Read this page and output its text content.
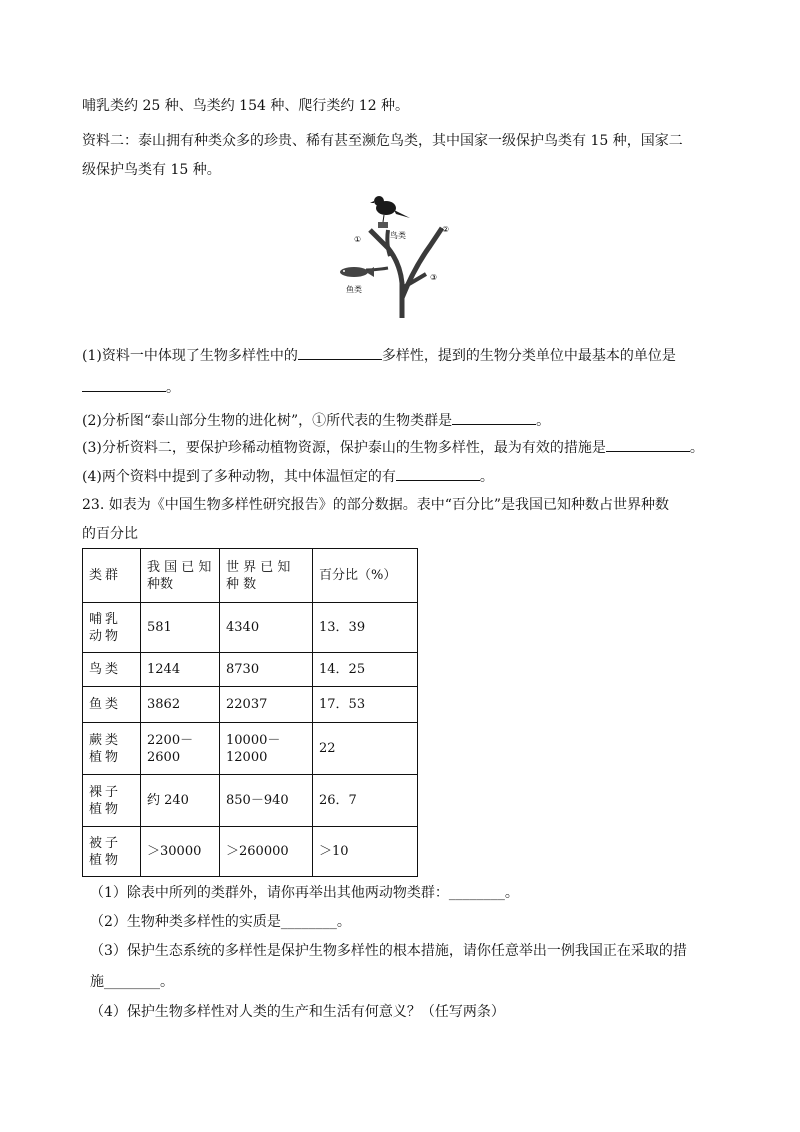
哺乳类约 25 种、鸟类约 154 种、爬行类约 12 种。
资料二：泰山拥有种类众多的珍贵、稀有甚至濒危鸟类，其中国家一级保护鸟类有 15 种，国家二
级保护鸟类有 15 种。
鸟类
鱼类
①
②
③
(1)资料一中体现了生物多样性中的	多样性，提到的生物分类单位中最基本的单位是
。
(2)分析图“泰山部分生物的进化树”，①所代表的生物类群是	。
(3)分析资料二，要保护珍稀动植物资源，保护泰山的生物多样性，最为有效的措施是	。
(4)两个资料中提到了多种动物，其中体温恒定的有	。
23. 如表为《中国生物多样性研究报告》的部分数据。表中“百分比”是我国已知种数占世界种数
的百分比
类群	我 国 已 知 种数	世 界 已 知 种 数	百分比（%）
哺乳动物	581	4340	13．39
鸟类	1244	8730	14．25
鱼类	3862	22037	17．53
蕨类植物	2200－2600	10000－12000	22
裸子植物	约 240	850－940	26．7
被子植物	＞30000	＞260000	＞10
（1）除表中所列的类群外，请你再举出其他两动物类群：________。
（2）生物种类多样性的实质是________。
（3）保护生态系统的多样性是保护生物多样性的根本措施，请你任意举出一例我国正在采取的措
施________。
（4）保护生物多样性对人类的生产和生活有何意义？（任写两条）
